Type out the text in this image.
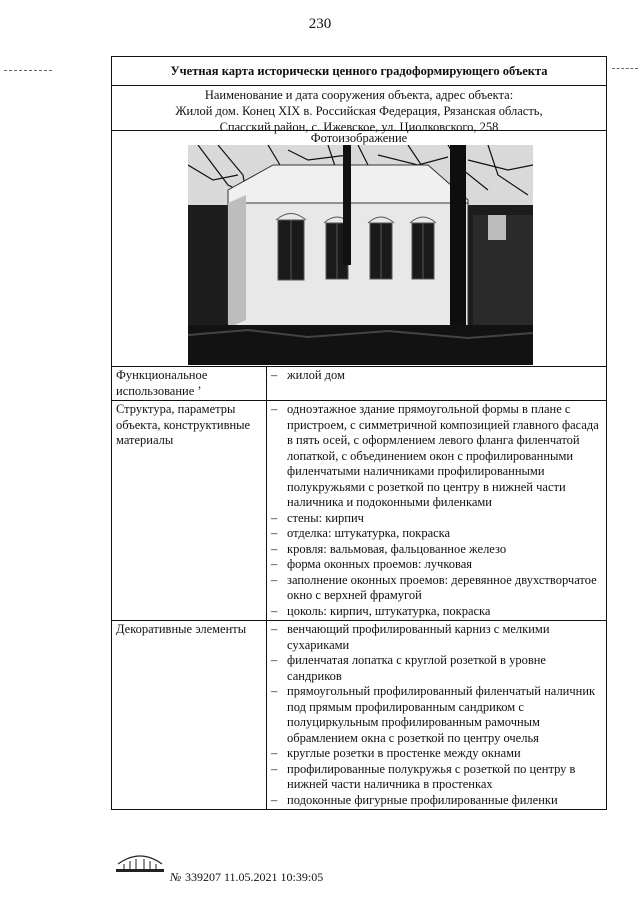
230
Учетная карта исторически ценного градоформирующего объекта
Наименование и дата сооружения объекта, адрес объекта:
Жилой дом. Конец XIX в. Российская Федерация, Рязанская область,
Спасский район, с. Ижевское, ул. Циолковского, 258
Фотоизображение
Функциональное использование ’
– жилой дом
Структура, параметры объекта, конструктивные материалы
– одноэтажное здание прямоугольной формы в плане с пристроем, с симметричной композицией главного фасада в пять осей, с оформлением левого фланга филенчатой лопаткой, с объединением окон с профилированными филенчатыми наличниками профилированными полукружьями с розеткой по центру в нижней части наличника и подоконными филенками
– стены: кирпич
– отделка: штукатурка, покраска
– кровля: вальмовая, фальцованное железо
– форма оконных проемов: лучковая
– заполнение оконных проемов: деревянное двухстворчатое окно с верхней фрамугой
– цоколь: кирпич, штукатурка, покраска
Декоративные элементы	– венчающий профилированный карниз с мелкими сухариками
– филенчатая лопатка с круглой розеткой в уровне сандриков
– прямоугольный профилированный филенчатый наличник под прямым профилированным сандриком с полуциркульным профилированным рамочным обрамлением окна с розеткой по центру очелья
– круглые розетки в простенке между окнами
– профилированные полукружья с розеткой по центру в нижней части наличника в простенках
– подоконные фигурные профилированные филенки
№ 339207 11.05.2021 10:39:05
